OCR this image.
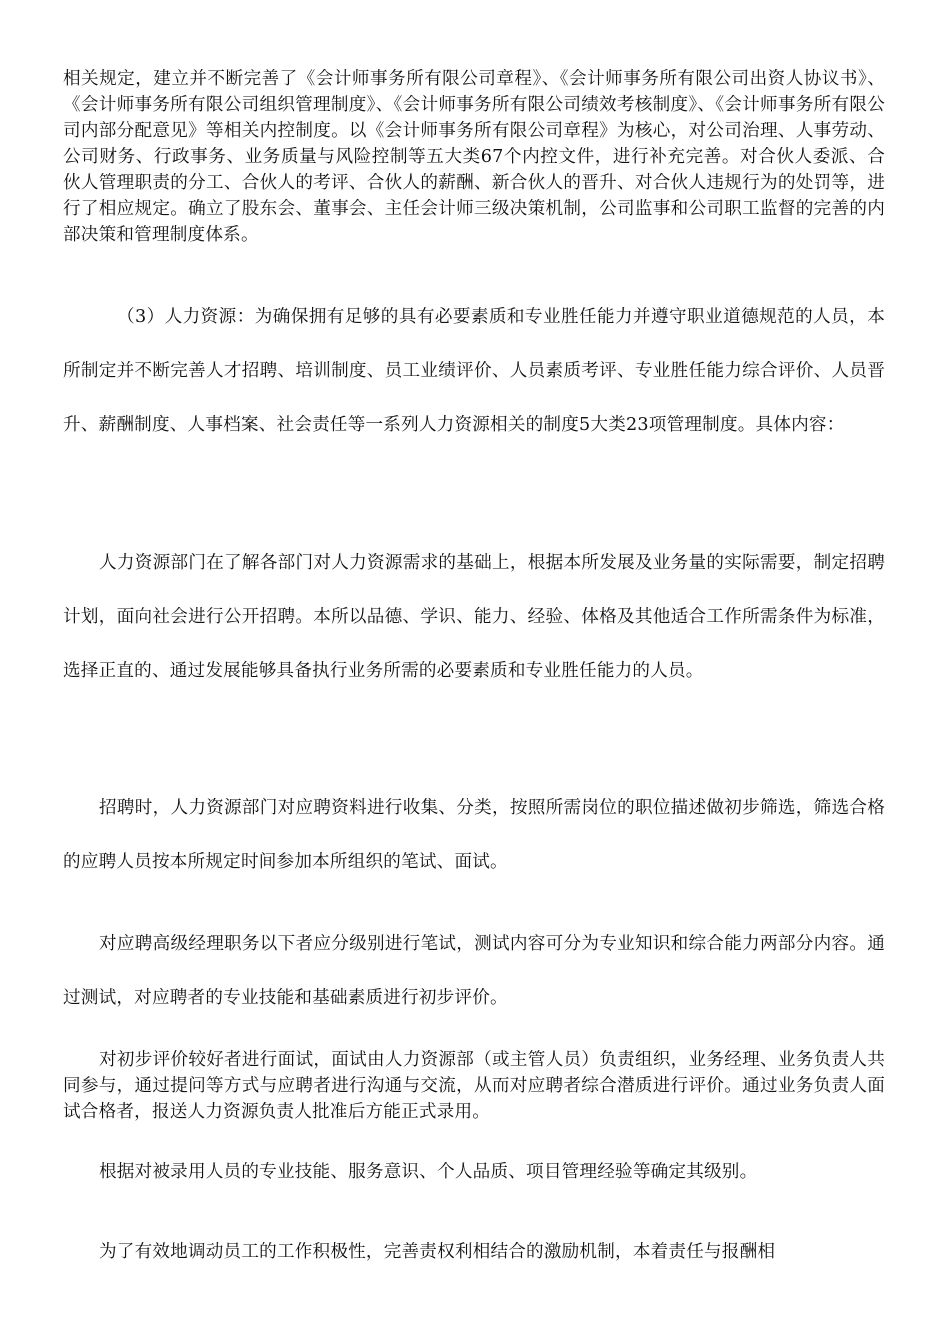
相关规定，建立并不断完善了《会计师事务所有限公司章程》、《会计师事务所有限公司出资人协议书》、《会计师事务所有限公司组织管理制度》、《会计师事务所有限公司绩效考核制度》、《会计师事务所有限公司内部分配意见》等相关内控制度。以《会计师事务所有限公司章程》为核心，对公司治理、人事劳动、公司财务、行政事务、业务质量与风险控制等五大类67个内控文件，进行补充完善。对合伙人委派、合伙人管理职责的分工、合伙人的考评、合伙人的薪酬、新合伙人的晋升、对合伙人违规行为的处罚等，进行了相应规定。确立了股东会、董事会、主任会计师三级决策机制，公司监事和公司职工监督的完善的内部决策和管理制度体系。

（3）人力资源：为确保拥有足够的具有必要素质和专业胜任能力并遵守职业道德规范的人员，本所制定并不断完善人才招聘、培训制度、员工业绩评价、人员素质考评、专业胜任能力综合评价、人员晋升、薪酬制度、人事档案、社会责任等一系列人力资源相关的制度5大类23项管理制度。具体内容：

人力资源部门在了解各部门对人力资源需求的基础上，根据本所发展及业务量的实际需要，制定招聘计划，面向社会进行公开招聘。本所以品德、学识、能力、经验、体格及其他适合工作所需条件为标准，选择正直的、通过发展能够具备执行业务所需的必要素质和专业胜任能力的人员。

招聘时，人力资源部门对应聘资料进行收集、分类，按照所需岗位的职位描述做初步筛选，筛选合格的应聘人员按本所规定时间参加本所组织的笔试、面试。

对应聘高级经理职务以下者应分级别进行笔试，测试内容可分为专业知识和综合能力两部分内容。通过测试，对应聘者的专业技能和基础素质进行初步评价。

对初步评价较好者进行面试，面试由人力资源部（或主管人员）负责组织，业务经理、业务负责人共同参与，通过提问等方式与应聘者进行沟通与交流，从而对应聘者综合潜质进行评价。通过业务负责人面试合格者，报送人力资源负责人批准后方能正式录用。

根据对被录用人员的专业技能、服务意识、个人品质、项目管理经验等确定其级别。

为了有效地调动员工的工作积极性，完善责权利相结合的激励机制，本着责任与报酬相
